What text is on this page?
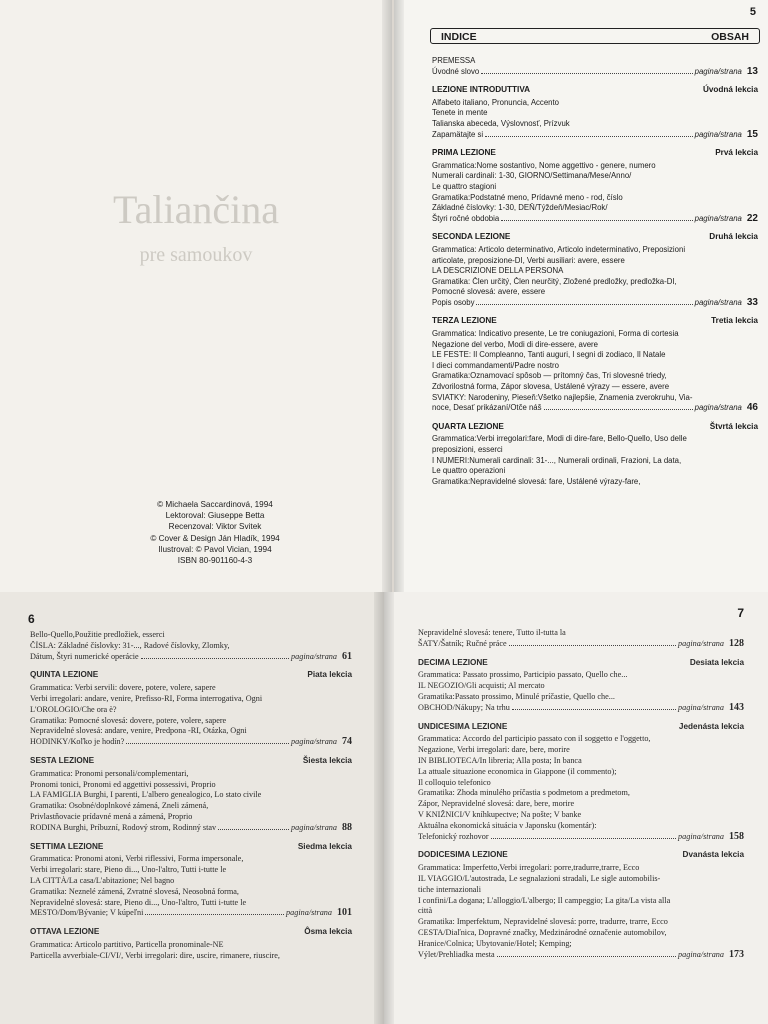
Taliančina
pre samoukov
© Michaela Saccardinová, 1994
Lektoroval: Giuseppe Betta
Recenzoval: Viktor Svitek
© Cover & Design Ján Hladík, 1994
Ilustroval: © Pavol Vician, 1994
ISBN 80-901160-4-3
5
INDICE	OBSAH
PREMESSA
Úvodné slovo	pagina/strana 13
LEZIONE INTRODUTTIVA	Úvodná lekcia
Alfabeto italiano, Pronuncia, Accento
Tenete in mente
Talianska abeceda, Výslovnosť, Prízvuk
Zapamätajte si	pagina/strana 15
PRIMA LEZIONE	Prvá lekcia
Grammatica:Nome sostantivo, Nome aggettivo - genere, numero
Numerali cardinali: 1-30, GIORNO/Settimana/Mese/Anno/
Le quattro stagioni
Gramatika:Podstatné meno, Prídavné meno - rod, číslo
Základné číslovky: 1-30, DEŇ/Týždeň/Mesiac/Rok/
Štyri ročné obdobia	pagina/strana 22
SECONDA LEZIONE	Druhá lekcia
Grammatica: Articolo determinativo, Articolo indeterminativo, Preposizioni
articolate, preposizione-DI, Verbi ausiliari: avere, essere
LA DESCRIZIONE DELLA PERSONA
Gramatika: Člen určitý, Člen neurčitý, Zložené predložky, predložka-DI,
Pomocné slovesá: avere, essere
Popis osoby	pagina/strana 33
TERZA LEZIONE	Tretia lekcia
Grammatica: Indicativo presente, Le tre coniugazioni, Forma di cortesia
Negazione del verbo, Modi di dire-essere, avere
LE FESTE: Il Compleanno, Tanti auguri, I segni di zodiaco, Il Natale
I dieci commandamenti/Padre nostro
Gramatika:Oznamovací spôsob — prítomný čas, Tri slovesné triedy,
Zdvorilostná forma, Zápor slovesa, Ustálené výrazy — essere, avere
SVIATKY: Narodeniny, Pieseň:Všetko najlepšie, Znamenia zverokruhu, Via-
noce, Desať prikázaní/Otče náš	pagina/strana 46
QUARTA LEZIONE	Štvrtá lekcia
Grammatica:Verbi irregolari:fare, Modi di dire-fare, Bello-Quello, Uso delle
preposizioni, esserci
I NUMERI:Numerali cardinali: 31-..., Numerali ordinali, Frazioni, La data,
Le quattro operazioni
Gramatika:Nepravidelné slovesá: fare, Ustálené výrazy-fare,
6
Bello-Quello,Použitie predložiek, esserci
ČÍSLA: Základné číslovky: 31-..., Radové číslovky, Zlomky,
Dátum, Štyri numerické operácie	pagina/strana 61
QUINTA LEZIONE	Piata lekcia
Grammatica: Verbi servili: dovere, potere, volere, sapere
Verbi irregolari: andare, venire, Prefisso-RI, Forma interrogativa, Ogni
L'OROLOGIO/Che ora è?
Gramatika: Pomocné slovesá: dovere, potere, volere, sapere
Nepravidelné slovesá: andare, venire, Predpona -RI, Otázka, Ogni
HODINKY/Koľko je hodín?	pagina/strana 74
SESTA LEZIONE	Šiesta lekcia
Grammatica: Pronomi personali/complementari,
Pronomi tonici, Pronomi ed aggettivi possessivi, Proprio
LA FAMIGLIA Burghi, I parenti, L'albero genealogico, Lo stato civile
Gramatika: Osobné/doplnkové zámená, Zneli zámená,
Privlastňovacie prídavné mená a zámená, Proprio
RODINA Burghi, Príbuzní, Rodový strom, Rodinný stav	pagina/strana 88
SETTIMA LEZIONE	Siedma lekcia
Grammatica: Pronomi atoni, Verbi riflessivi, Forma impersonale,
Verbi irregolari: stare, Pieno di..., Uno-l'altro, Tutti i-tutte le
LA CITTÀ/La casa/L'abitazione; Nel bagno
Gramatika: Neznelé zámená, Zvratné slovesá, Neosobná forma,
Nepravidelné slovesá: stare, Pieno di..., Uno-l'altro, Tutti i-tutte le
MESTO/Dom/Bývanie; V kúpeľni	pagina/strana 101
OTTAVA LEZIONE	Ôsma lekcia
Grammatica: Articolo partitivo, Particella pronominale-NE
Particella avverbiale-CI/VI/, Verbi irregolari: dire, uscire, rimanere, riuscire,
7
Nepravidelné slovesá: tenere, Tutto il-tutta la
ŠATY/Šatník; Ručné práce	pagina/strana 128
DECIMA LEZIONE	Desiata lekcia
Grammatica: Passato prossimo, Participio passato, Quello che...
IL NEGOZIO/Gli acquisti; Al mercato
Gramatika:Passato prossimo, Minulé príčastie, Quello che...
OBCHOD/Nákupy; Na trhu	pagina/strana 143
UNDICESIMA LEZIONE	Jedenásta lekcia
Grammatica: Accordo del participio passato con il soggetto e l'oggetto,
Negazione, Verbi irregolari: dare, bere, morire
IN BIBLIOTECA/In libreria; Alla posta; In banca
La attuale situazione economica in Giappone (il commento);
Il colloquio telefonico
Gramatika: Zhoda minulého príčastia s podmetom a predmetom,
Zápor, Nepravidelné slovesá: dare, bere, morire
V KNIŽNICI/V kníhkupectve; Na pošte; V banke
Aktuálna ekonomická situácia v Japonsku (komentár):
Telefonický rozhovor	pagina/strana 158
DODICESIMA LEZIONE	Dvanásta lekcia
Grammatica: Imperfetto,Verbi irregolari: porre,tradurre,trarre, Ecco
IL VIAGGIO/L'autostrada, Le segnalazioni stradali, Le sigle automobilis-
tiche internazionali
I confini/La dogana; L'alloggio/L'albergo; Il campeggio; La gita/La vista alla
città
Gramatika: Imperfektum, Nepravidelné slovesá: porre, tradurre, trarre, Ecco
CESTA/Diaľnica, Dopravné značky, Medzinárodné označenie automobilov,
Hranice/Colnica; Ubytovanie/Hotel; Kemping;
Výlet/Prehliadka mesta	pagina/strana 173
